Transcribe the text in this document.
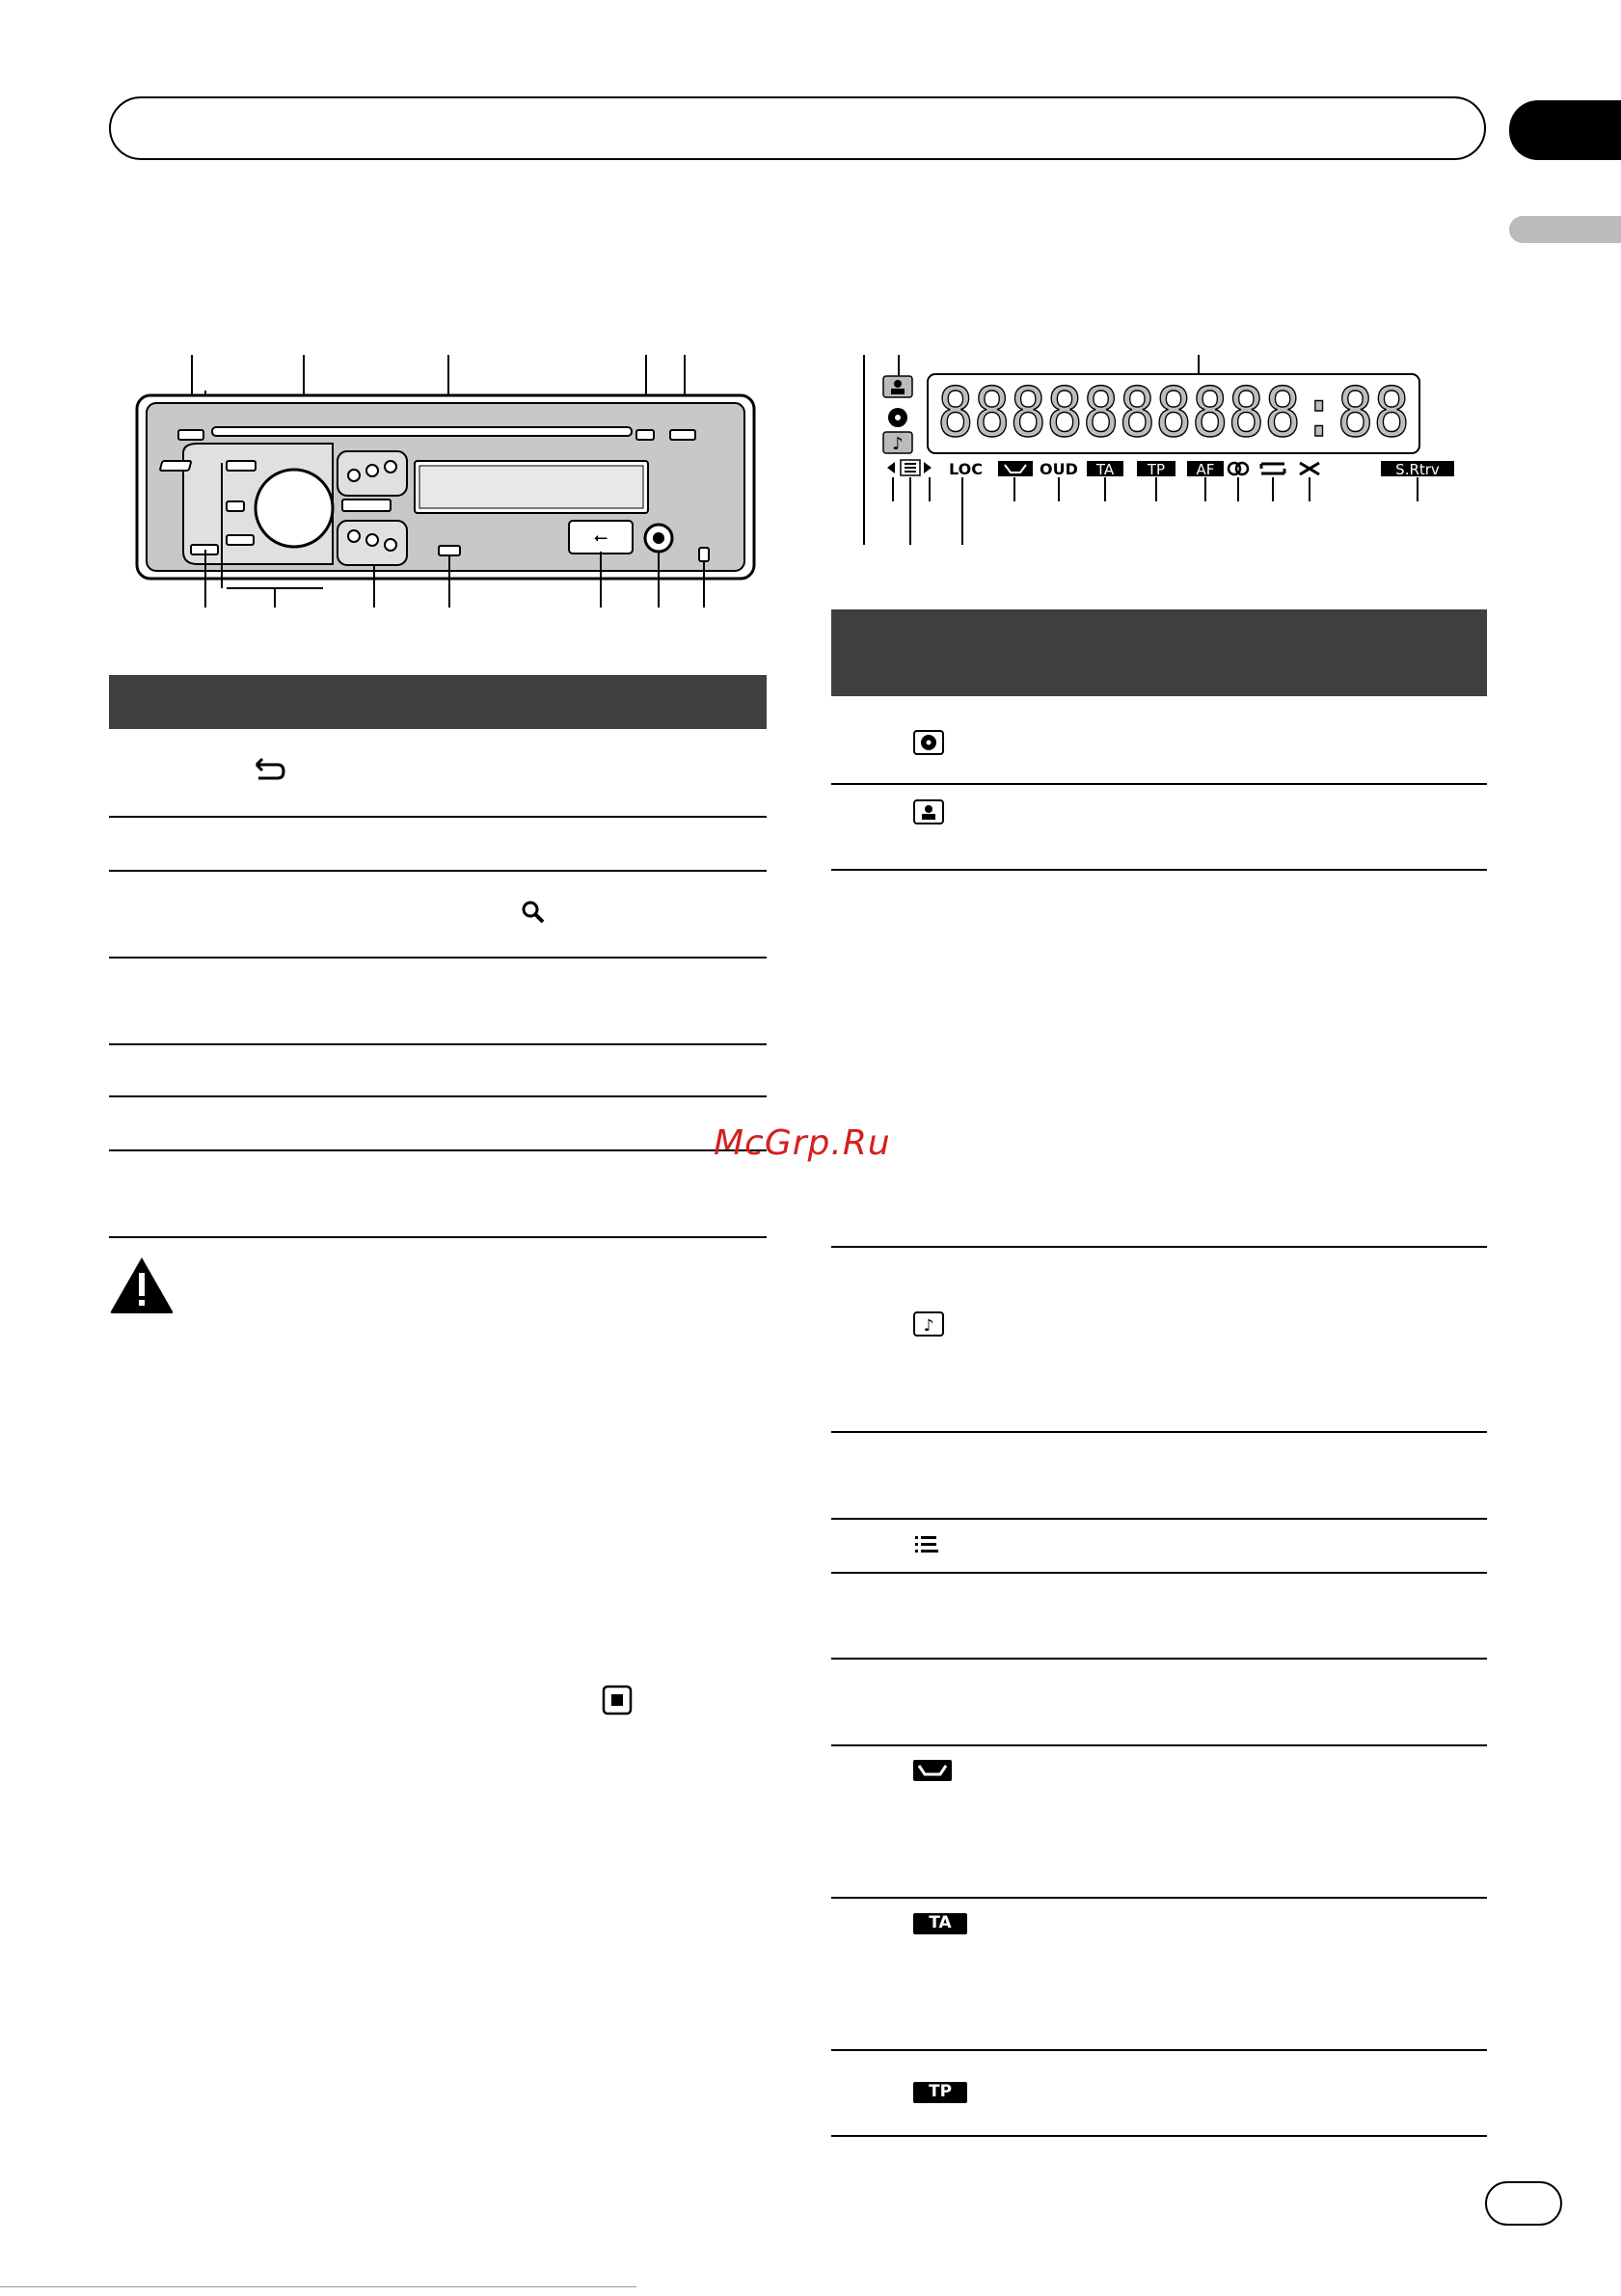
⭠
♪ 8888888888:88
LOC	OUD TA TP AF	S.Rtrv
♪
TA
TP
McGrp.Ru
